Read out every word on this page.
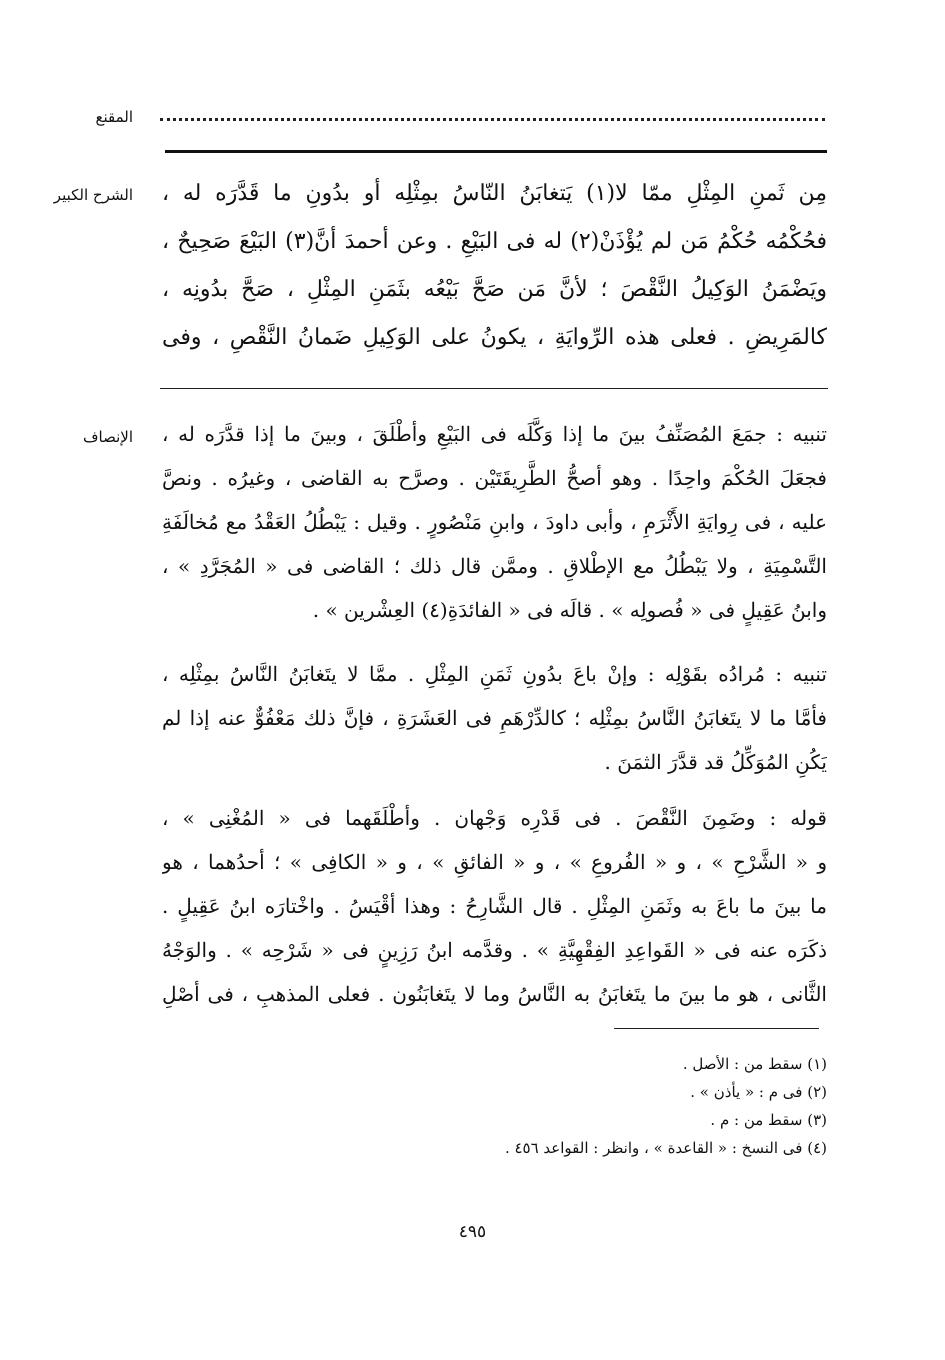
المقنع
الشرح الكبير مِن ثَمنِ المِثْلِ ممّا لا(١) يَتغابَنُ النّاسُ بمِثْلِه أو بدُونِ ما قَدَّرَه له ،
فحُكْمُه حُكْمُ مَن لم يُؤْذَنْ(٢) له فى البَيْعِ . وعن أحمدَ أنَّ(٣) البَيْعَ صَحِيحٌ ،
ويَضْمَنُ الوَكِيلُ النَّقْصَ ؛ لأنَّ مَن صَحَّ بَيْعُه بثَمَنِ المِثْلِ ، صَحَّ بدُونِه ،
كالمَرِيضِ . فعلى هذه الرِّوايَةِ ، يكونُ على الوَكِيلِ ضَمانُ النَّقْصِ ، وفى
الإنصاف تنبيه : جمَعَ المُصَنِّفُ بينَ ما إذا وَكَّلَه فى البَيْعِ وأطْلَقَ ، وبينَ ما إذا قدَّرَه له ،
فجعَلَ الحُكْمَ واحِدًا . وهو أصحُّ الطَّرِيقَتَيْن . وصرَّح به القاضى ، وغيرُه . ونصَّ
عليه ، فى رِوايَةِ الأَثْرَمِ ، وأبى داودَ ، وابنِ مَنْصُورٍ . وقيل : يَبْطُلُ العَقْدُ مع مُخالَفَةِ
التَّسْمِيَةِ ، ولا يَبْطُلُ مع الإطْلاقِ . وممَّن قال ذلك ؛ القاضى فى « المُجَرَّدِ » ،
وابنُ عَقِيلٍ فى « فُصولِه » . قالَه فى « الفائدَةِ(٤) العِشْرين » .
تنبيه : مُرادُه بقَوْلِه : وإنْ باعَ بدُونِ ثَمَنِ المِثْلِ . ممَّا لا يتَغابَنُ النَّاسُ بمِثْلِه ،
فأمَّا ما لا يتَغابَنُ النَّاسُ بمِثْلِه ؛ كالدِّرْهَمِ فى العَشَرَةِ ، فإنَّ ذلك مَعْفُوٌّ عنه إذا لم
يَكُنِ المُوَكِّلُ قد قدَّرَ الثمَنَ .
قوله : وضَمِنَ النَّقْصَ . فى قَدْرِه وَجْهان . وأطْلَقَهما فى « المُغْنِى » ،
و « الشَّرْحِ » ، و « الفُروعِ » ، و « الفائقِ » ، و « الكافِى » ؛ أحدُهما ، هو
ما بينَ ما باعَ به وثَمَنِ المِثْلِ . قال الشَّارِحُ : وهذا أقْيَسُ . واخْتارَه ابنُ عَقِيلٍ .
ذكَرَه عنه فى « القَواعِدِ الفِقْهِيَّةِ » . وقدَّمه ابنُ رَزِينٍ فى « شَرْحِه » . والوَجْهُ
الثَّانى ، هو ما بينَ ما يتَغابَنُ به النَّاسُ وما لا يتَغابَنُون . فعلى المذهبِ ، فى أصْلِ
(١) سقط من : الأصل .
(٢) فى م : « يأذن » .
(٣) سقط من : م .
(٤) فى النسخ : « القاعدة » ، وانظر : القواعد ٤٥٦ .
٤٩٥
